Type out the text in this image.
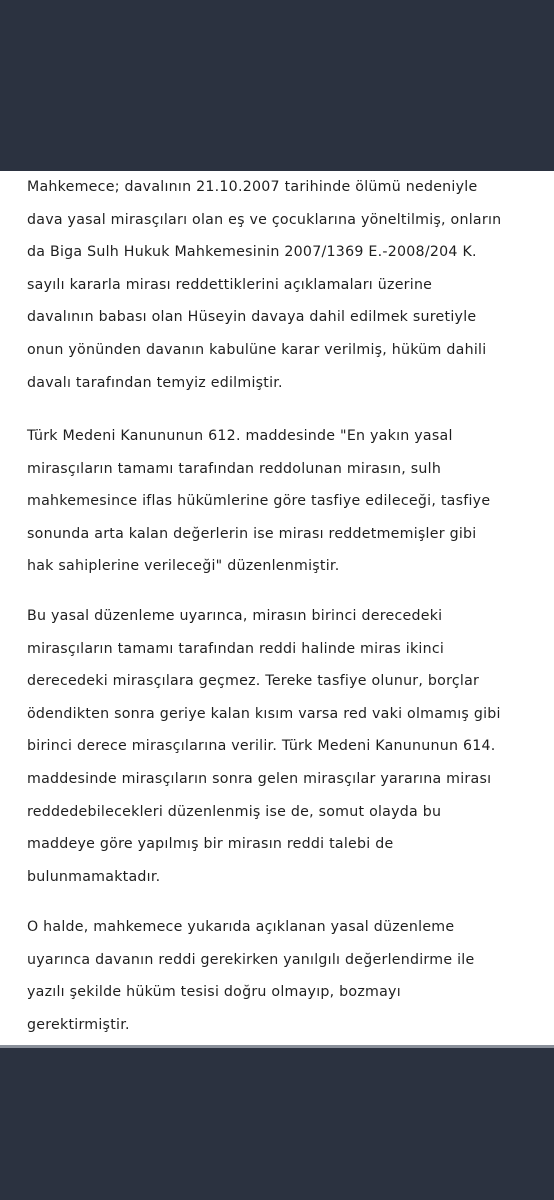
Mahkemece; davalının 21.10.2007 tarihinde ölümü nedeniyle
dava yasal mirasçıları olan eş ve çocuklarına yöneltilmiş, onların
da Biga Sulh Hukuk Mahkemesinin 2007/1369 E.-2008/204 K.
sayılı kararla mirası reddettiklerini açıklamaları üzerine
davalının babası olan Hüseyin davaya dahil edilmek suretiyle
onun yönünden davanın kabulüne karar verilmiş, hüküm dahili
davalı tarafından temyiz edilmiştir.
Türk Medeni Kanununun 612. maddesinde "En yakın yasal
mirasçıların tamamı tarafından reddolunan mirasın, sulh
mahkemesince iflas hükümlerine göre tasfiye edileceği, tasfiye
sonunda arta kalan değerlerin ise mirası reddetmemişler gibi
hak sahiplerine verileceği" düzenlenmiştir.
Bu yasal düzenleme uyarınca, mirasın birinci derecedeki
mirasçıların tamamı tarafından reddi halinde miras ikinci
derecedeki mirasçılara geçmez. Tereke tasfiye olunur, borçlar
ödendikten sonra geriye kalan kısım varsa red vaki olmamış gibi
birinci derece mirasçılarına verilir. Türk Medeni Kanununun 614.
maddesinde mirasçıların sonra gelen mirasçılar yararına mirası
reddedebilecekleri düzenlenmiş ise de, somut olayda bu
maddeye göre yapılmış bir mirasın reddi talebi de
bulunmamaktadır.
O halde, mahkemece yukarıda açıklanan yasal düzenleme
uyarınca davanın reddi gerekirken yanılgılı değerlendirme ile
yazılı şekilde hüküm tesisi doğru olmayıp, bozmayı
gerektirmiştir.
